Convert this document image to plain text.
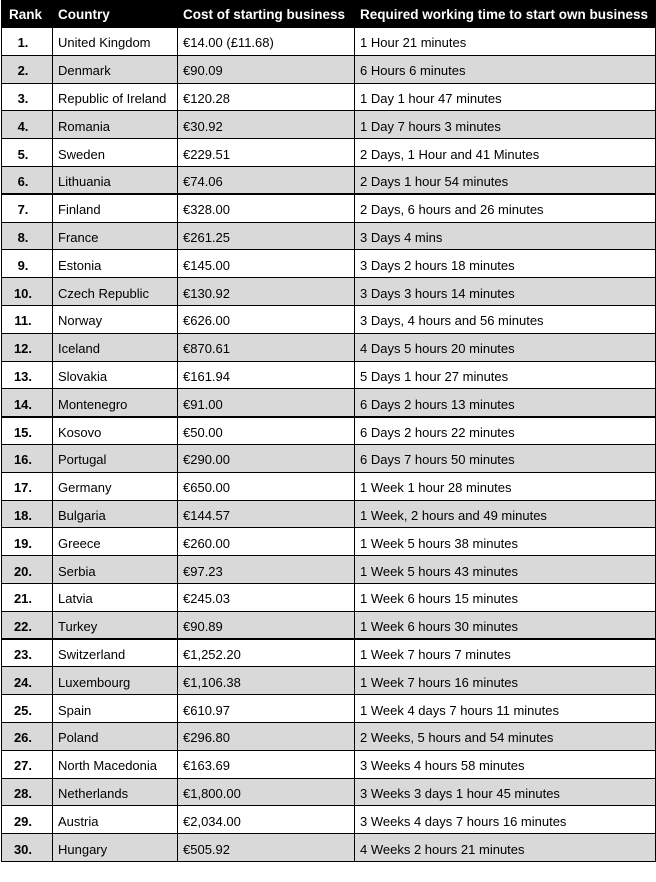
Rank	Country	Cost of starting business	Required working time to start own business
1.	United Kingdom	€14.00 (£11.68)	1 Hour 21 minutes
2.	Denmark	€90.09	6 Hours 6 minutes
3.	Republic of Ireland	€120.28	1 Day 1 hour 47 minutes
4.	Romania	€30.92	1 Day 7 hours 3 minutes
5.	Sweden	€229.51	2 Days, 1 Hour and 41 Minutes
6.	Lithuania	€74.06	2 Days 1 hour 54 minutes
7.	Finland	€328.00	2 Days, 6 hours and 26 minutes
8.	France	€261.25	3 Days 4 mins
9.	Estonia	€145.00	3 Days 2 hours 18 minutes
10.	Czech Republic	€130.92	3 Days 3 hours 14 minutes
11.	Norway	€626.00	3 Days, 4 hours and 56 minutes
12.	Iceland	€870.61	4 Days 5 hours 20 minutes
13.	Slovakia	€161.94	5 Days 1 hour 27 minutes
14.	Montenegro	€91.00	6 Days 2 hours 13 minutes
15.	Kosovo	€50.00	6 Days 2 hours 22 minutes
16.	Portugal	€290.00	6 Days 7 hours 50 minutes
17.	Germany	€650.00	1 Week 1 hour 28 minutes
18.	Bulgaria	€144.57	1 Week, 2 hours and 49 minutes
19.	Greece	€260.00	1 Week 5 hours 38 minutes
20.	Serbia	€97.23	1 Week 5 hours 43 minutes
21.	Latvia	€245.03	1 Week 6 hours 15 minutes
22.	Turkey	€90.89	1 Week 6 hours 30 minutes
23.	Switzerland	€1,252.20	1 Week 7 hours 7 minutes
24.	Luxembourg	€1,106.38	1 Week 7 hours 16 minutes
25.	Spain	€610.97	1 Week 4 days 7 hours 11 minutes
26.	Poland	€296.80	2 Weeks, 5 hours and 54 minutes
27.	North Macedonia	€163.69	3 Weeks 4 hours 58 minutes
28.	Netherlands	€1,800.00	3 Weeks 3 days 1 hour 45 minutes
29.	Austria	€2,034.00	3 Weeks 4 days 7 hours 16 minutes
30.	Hungary	€505.92	4 Weeks 2 hours 21 minutes
